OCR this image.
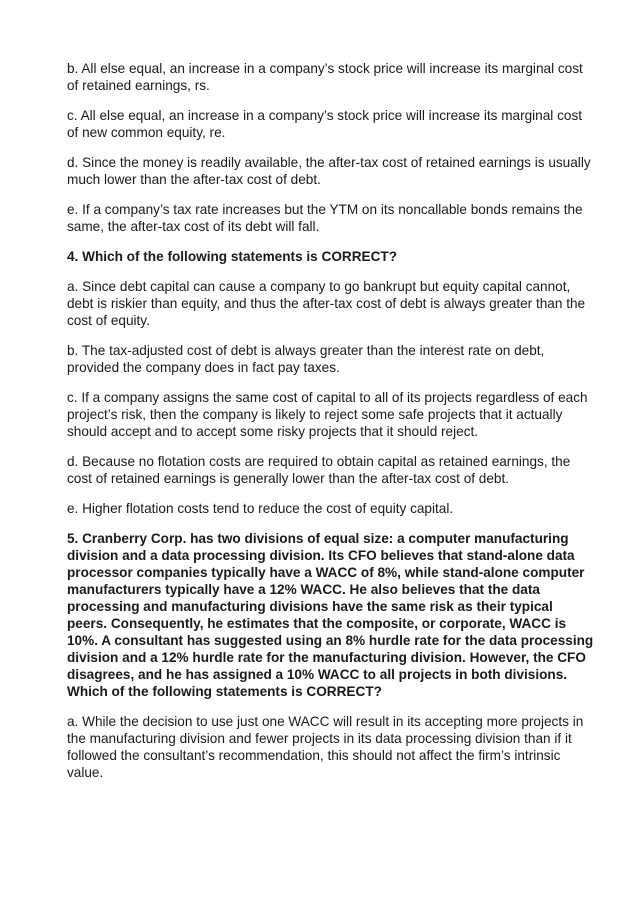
b. All else equal, an increase in a company’s stock price will increase its marginal cost of retained earnings, rs.

c. All else equal, an increase in a company’s stock price will increase its marginal cost of new common equity, re.

d. Since the money is readily available, the after-tax cost of retained earnings is usually much lower than the after-tax cost of debt.

e. If a company’s tax rate increases but the YTM on its noncallable bonds remains the same, the after-tax cost of its debt will fall.

4. Which of the following statements is CORRECT?

a. Since debt capital can cause a company to go bankrupt but equity capital cannot, debt is riskier than equity, and thus the after-tax cost of debt is always greater than the cost of equity.

b. The tax-adjusted cost of debt is always greater than the interest rate on debt, provided the company does in fact pay taxes.

c. If a company assigns the same cost of capital to all of its projects regardless of each project’s risk, then the company is likely to reject some safe projects that it actually should accept and to accept some risky projects that it should reject.

d. Because no flotation costs are required to obtain capital as retained earnings, the cost of retained earnings is generally lower than the after-tax cost of debt.

e. Higher flotation costs tend to reduce the cost of equity capital.

5. Cranberry Corp. has two divisions of equal size: a computer manufacturing division and a data processing division. Its CFO believes that stand-alone data processor companies typically have a WACC of 8%, while stand-alone computer manufacturers typically have a 12% WACC. He also believes that the data processing and manufacturing divisions have the same risk as their typical peers. Consequently, he estimates that the composite, or corporate, WACC is 10%. A consultant has suggested using an 8% hurdle rate for the data processing division and a 12% hurdle rate for the manufacturing division. However, the CFO disagrees, and he has assigned a 10% WACC to all projects in both divisions. Which of the following statements is CORRECT?

a. While the decision to use just one WACC will result in its accepting more projects in the manufacturing division and fewer projects in its data processing division than if it followed the consultant’s recommendation, this should not affect the firm’s intrinsic value.
